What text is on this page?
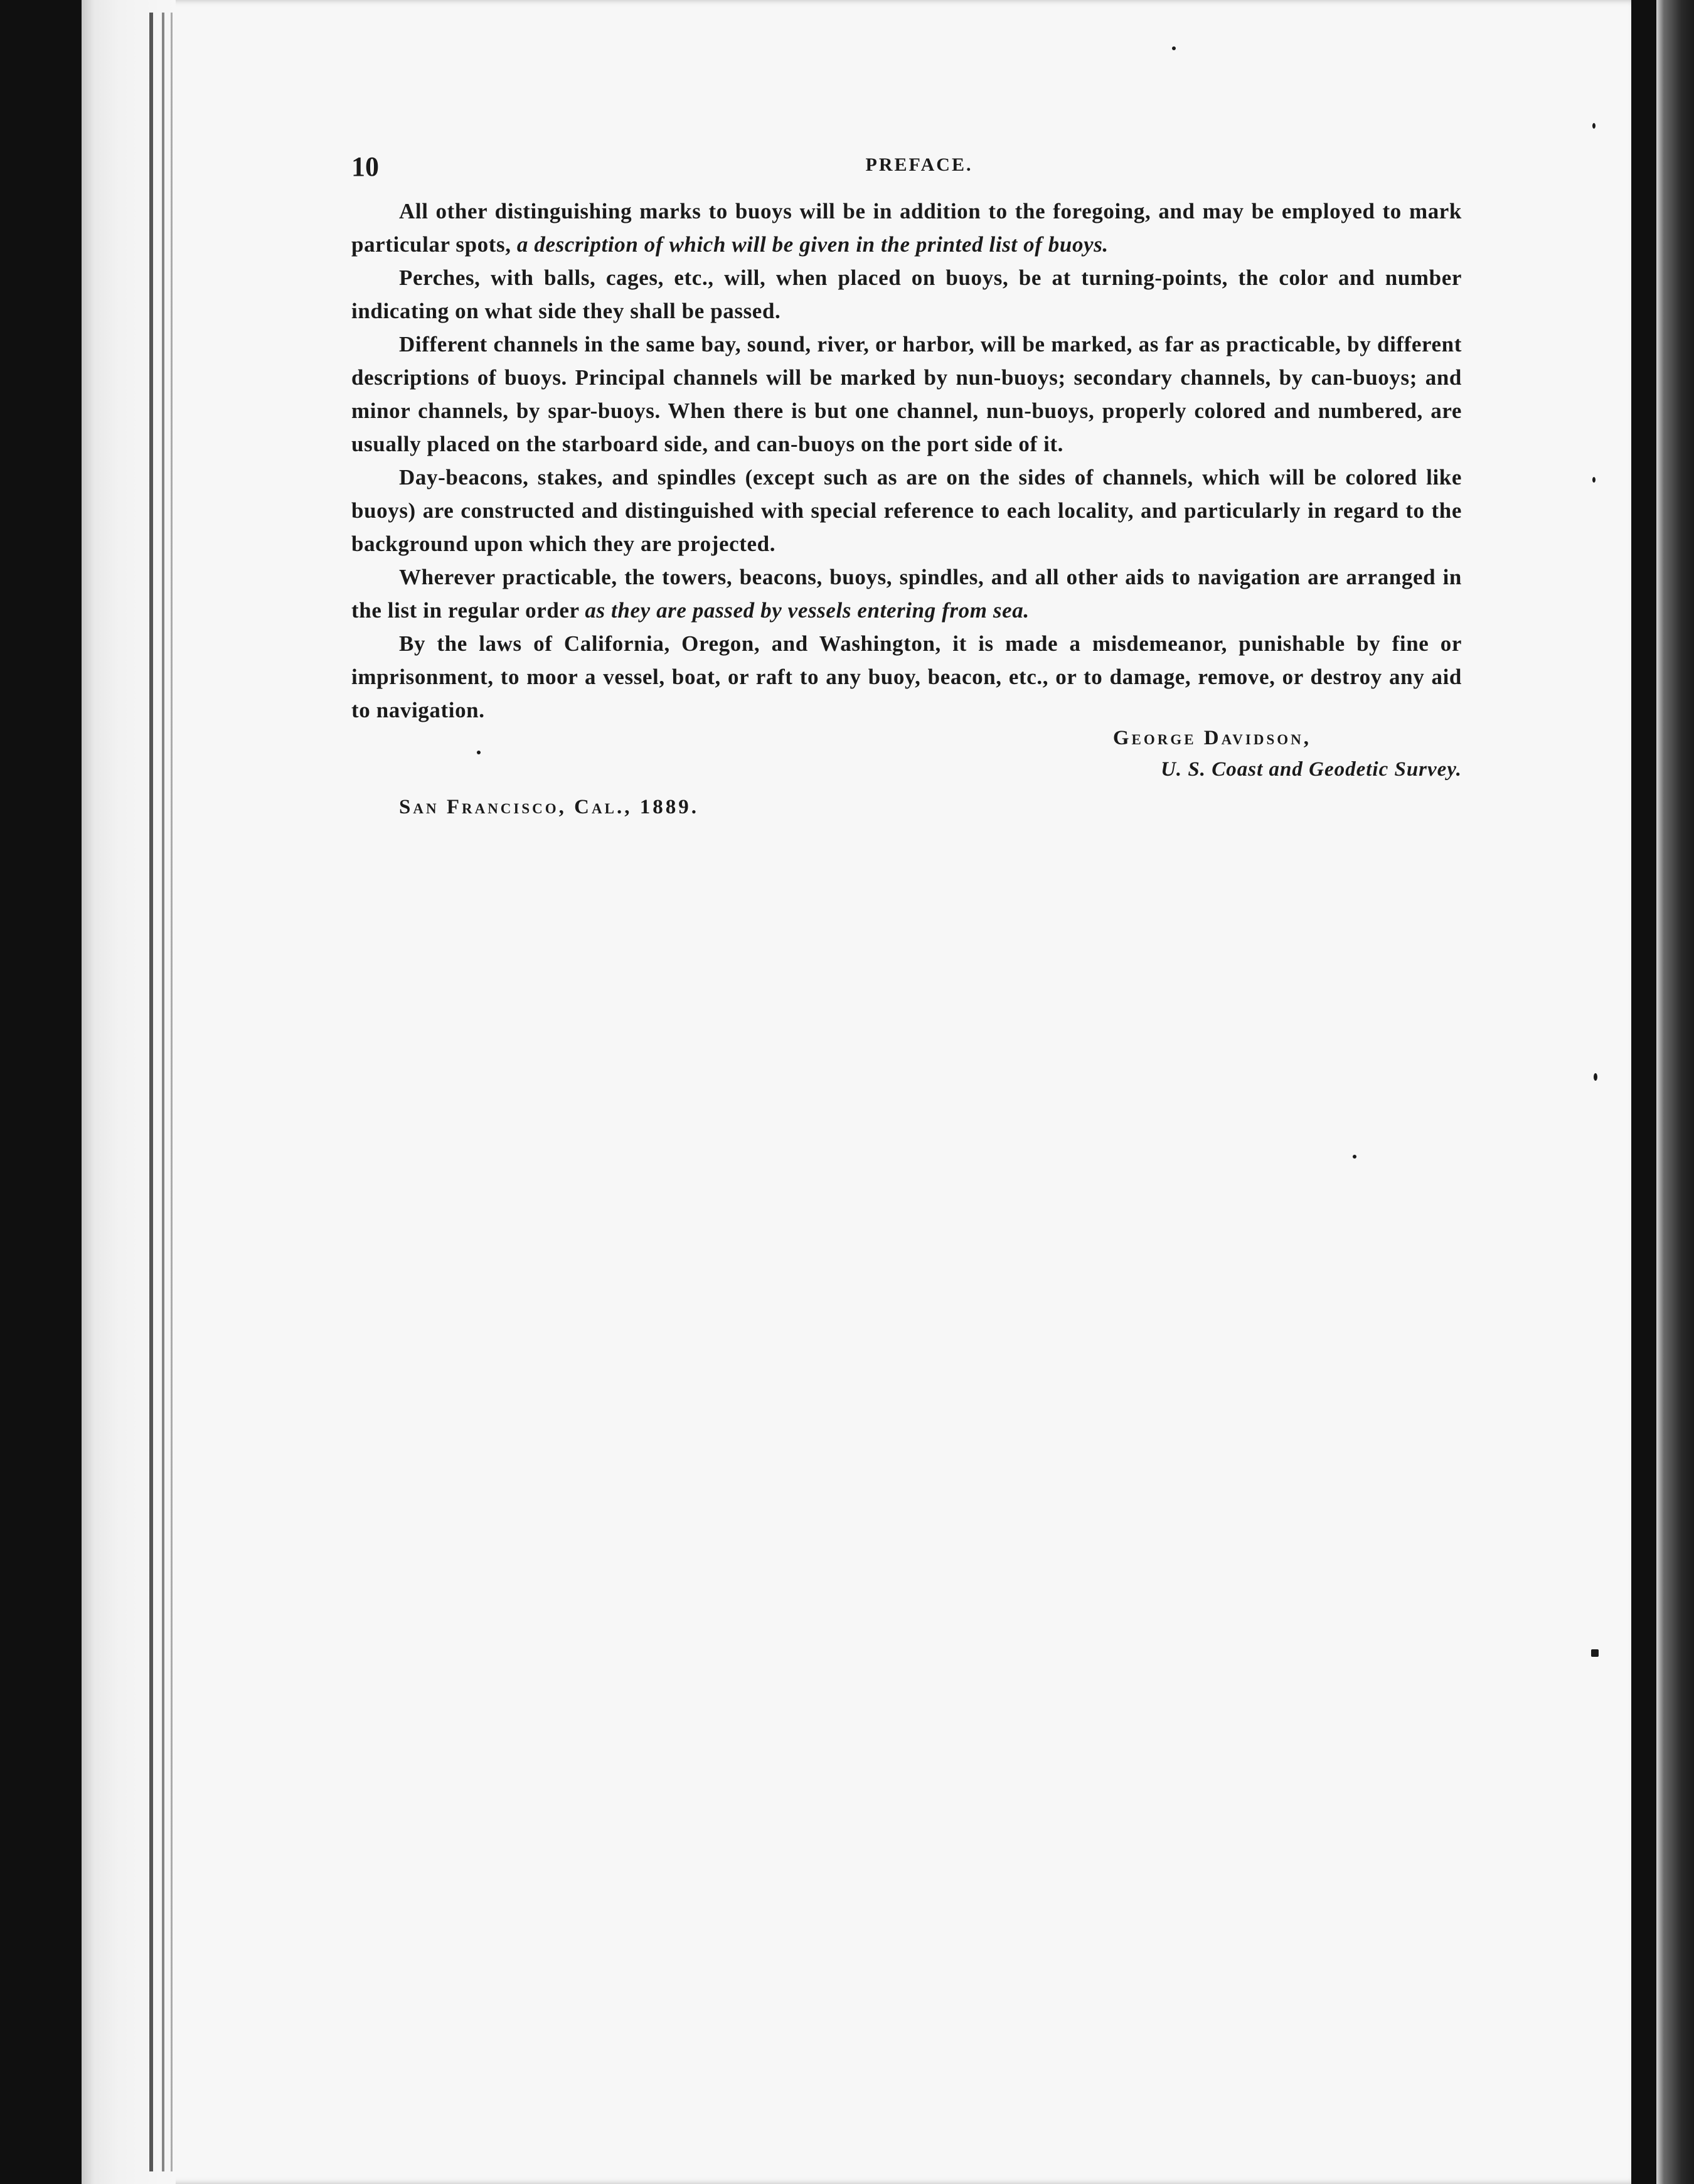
10	PREFACE.

All other distinguishing marks to buoys will be in addition to the foregoing, and may be employed to mark particular spots, a description of which will be given in the printed list of buoys.

Perches, with balls, cages, etc., will, when placed on buoys, be at turning-points, the color and number indicating on what side they shall be passed.

Different channels in the same bay, sound, river, or harbor, will be marked, as far as practicable, by different descriptions of buoys. Principal channels will be marked by nun-buoys; secondary channels, by can-buoys; and minor channels, by spar-buoys. When there is but one channel, nun-buoys, properly colored and numbered, are usually placed on the starboard side, and can-buoys on the port side of it.

Day-beacons, stakes, and spindles (except such as are on the sides of channels, which will be colored like buoys) are constructed and distinguished with special reference to each locality, and particularly in regard to the background upon which they are projected.

Wherever practicable, the towers, beacons, buoys, spindles, and all other aids to navigation are arranged in the list in regular order as they are passed by vessels entering from sea.

By the laws of California, Oregon, and Washington, it is made a misdemeanor, punishable by fine or imprisonment, to moor a vessel, boat, or raft to any buoy, beacon, etc., or to damage, remove, or destroy any aid to navigation.

George Davidson,
U. S. Coast and Geodetic Survey.
San Francisco, Cal., 1889.
